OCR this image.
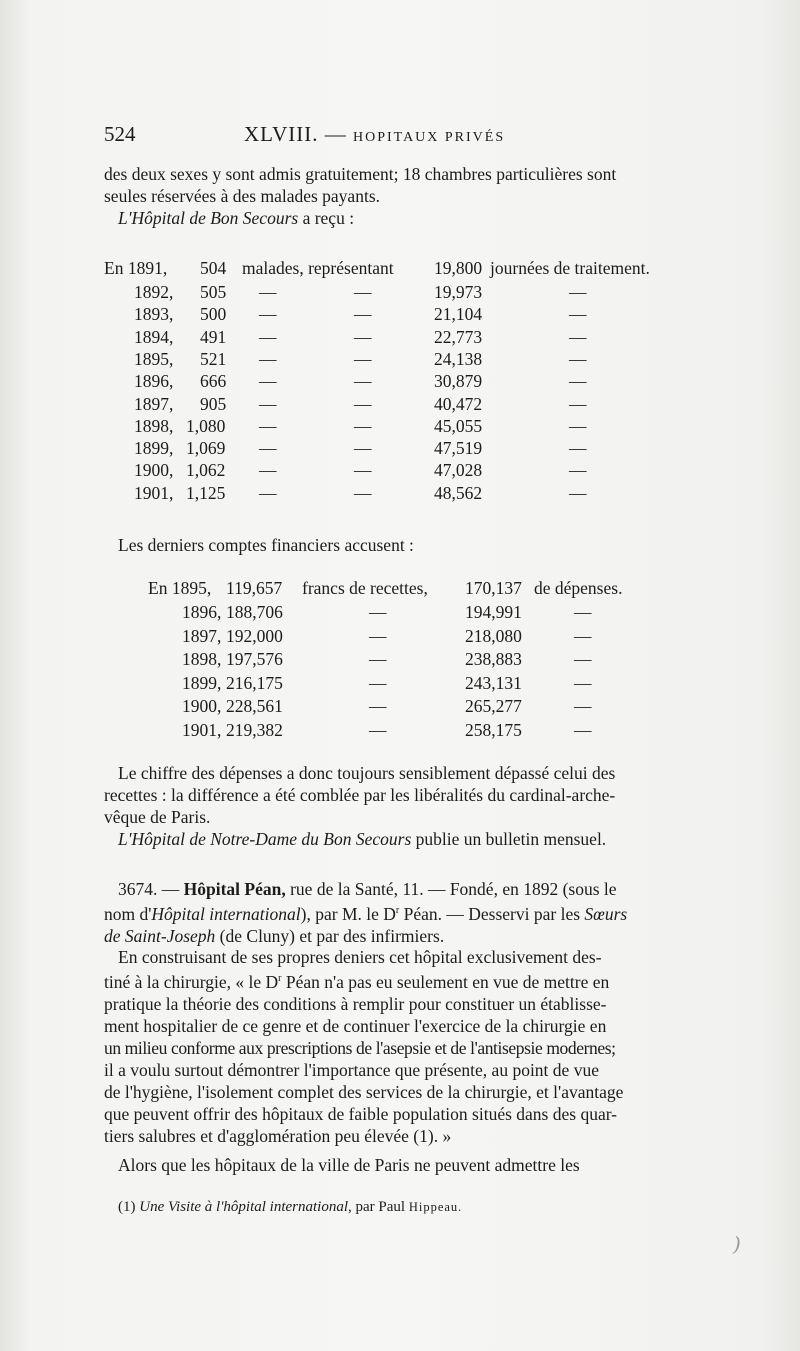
524	XLVIII. — HOPITAUX PRIVÉS
des deux sexes y sont admis gratuitement; 18 chambres particulières sont
seules réservées à des malades payants.
L'Hôpital de Bon Secours a reçu :
En 1891, 504 malades, représentant 19,800 journées de traitement.
1892, 505 —	—	19,973	—
1893, 500 —	—	21,104	—
1894, 491 —	—	22,773	—
1895, 521 —	—	24,138	—
1896, 666 —	—	30,879	—
1897, 905 —	—	40,472	—
1898, 1,080 —	—	45,055	—
1899, 1,069 —	—	47,519	—
1900, 1,062 —	—	47,028	—
1901, 1,125 —	—	48,562	—
Les derniers comptes financiers accusent :
En 1895, 119,657 francs de recettes, 170,137 de dépenses.
1896, 188,706	—	194,991	—
1897, 192,000	—	218,080	—
1898, 197,576	—	238,883	—
1899, 216,175	—	243,131	—
1900, 228,561	—	265,277	—
1901, 219,382	—	258,175	—
Le chiffre des dépenses a donc toujours sensiblement dépassé celui des
recettes : la différence a été comblée par les libéralités du cardinal-arche-
vêque de Paris.
L'Hôpital de Notre-Dame du Bon Secours publie un bulletin mensuel.
3674. — Hôpital Péan, rue de la Santé, 11. — Fondé, en 1892 (sous le
nom d'Hôpital international), par M. le $D^r$ Péan. — Desservi par les Sœurs
de Saint-Joseph (de Cluny) et par des infirmiers.
En construisant de ses propres deniers cet hôpital exclusivement des-
tiné à la chirurgie, « le $D^r$ Péan n'a pas eu seulement en vue de mettre en
pratique la théorie des conditions à remplir pour constituer un établisse-
ment hospitalier de ce genre et de continuer l'exercice de la chirurgie en
un milieu conforme aux prescriptions de l'asepsie et de l'antisepsie modernes;
il a voulu surtout démontrer l'importance que présente, au point de vue
de l'hygiène, l'isolement complet des services de la chirurgie, et l'avantage
que peuvent offrir des hôpitaux de faible population situés dans des quar-
tiers salubres et d'agglomération peu élevée (1). »
Alors que les hôpitaux de la ville de Paris ne peuvent admettre les
(1) Une Visite à l'hôpital international, par Paul Hippeau.
)
